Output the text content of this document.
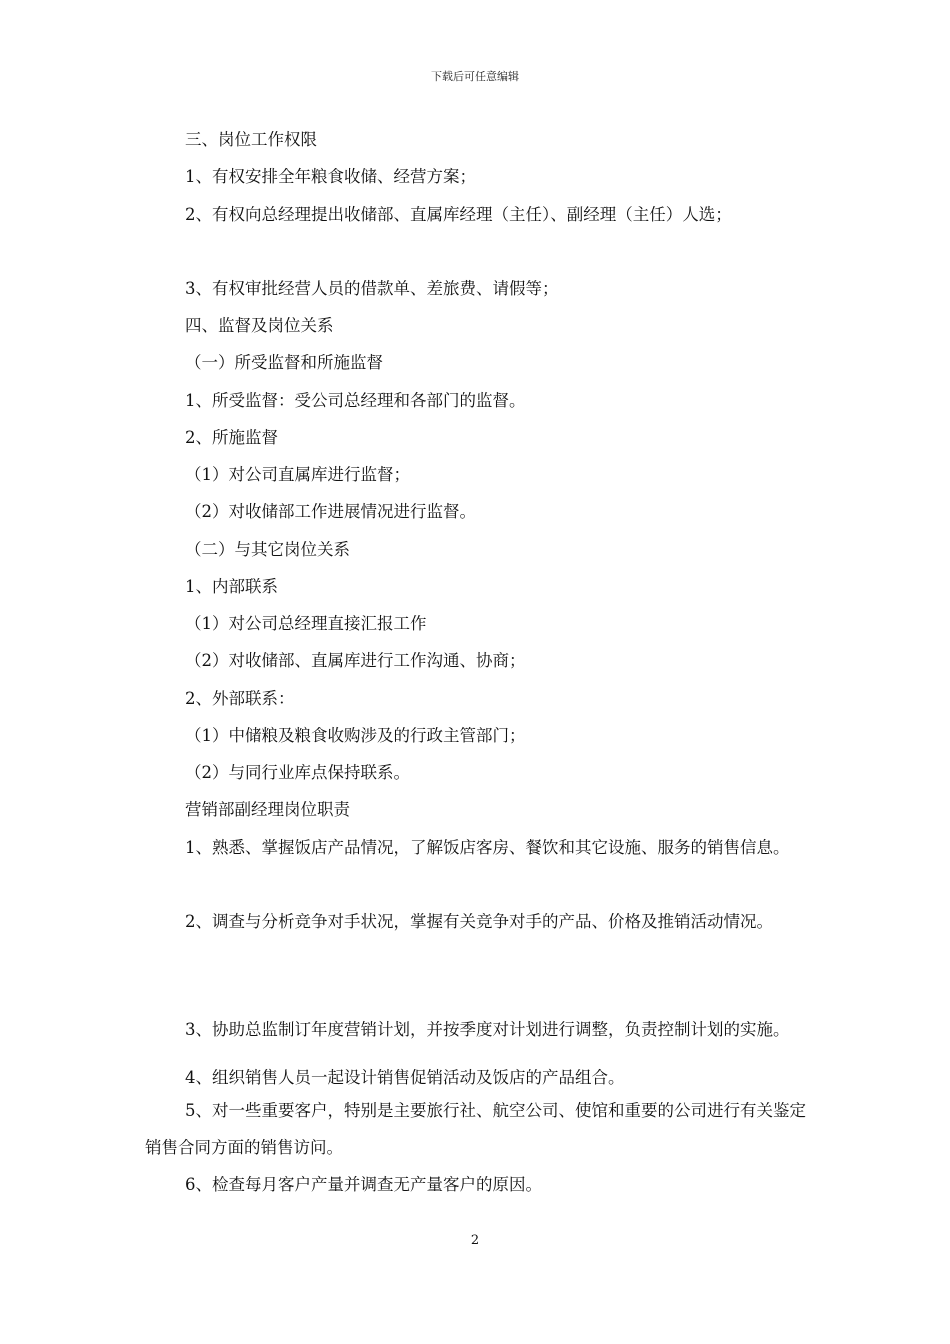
下载后可任意编辑
三、岗位工作权限
1、有权安排全年粮食收储、经营方案；
2、有权向总经理提出收储部、直属库经理（主任）、副经理（主任）人选；
3、有权审批经营人员的借款单、差旅费、请假等；
四、监督及岗位关系
（一）所受监督和所施监督
1、所受监督：受公司总经理和各部门的监督。
2、所施监督
（1）对公司直属库进行监督；
（2）对收储部工作进展情况进行监督。
（二）与其它岗位关系
1、内部联系
（1）对公司总经理直接汇报工作
（2）对收储部、直属库进行工作沟通、协商；
2、外部联系：
（1）中储粮及粮食收购涉及的行政主管部门；
（2）与同行业库点保持联系。
营销部副经理岗位职责
1、熟悉、掌握饭店产品情况，了解饭店客房、餐饮和其它设施、服务的销售信息。
2、调查与分析竞争对手状况，掌握有关竞争对手的产品、价格及推销活动情况。
3、协助总监制订年度营销计划，并按季度对计划进行调整，负责控制计划的实施。
4、组织销售人员一起设计销售促销活动及饭店的产品组合。
5、对一些重要客户，特别是主要旅行社、航空公司、使馆和重要的公司进行有关鉴定销售合同方面的销售访问。
6、检查每月客户产量并调查无产量客户的原因。
2
